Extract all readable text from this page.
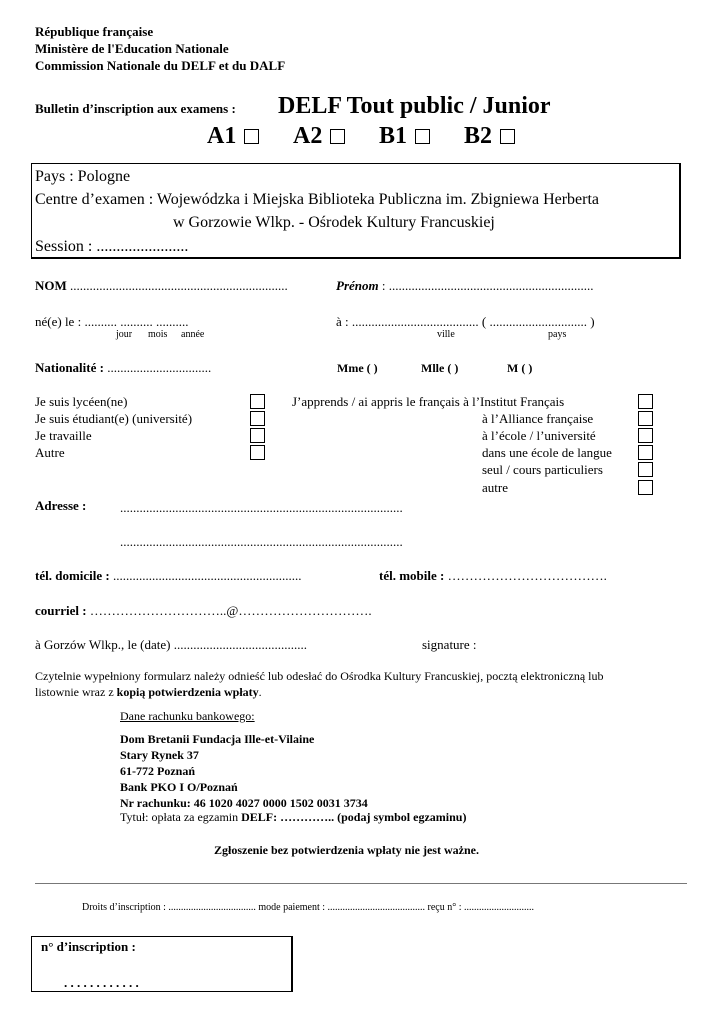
République française
Ministère de l'Education Nationale
Commission Nationale du DELF et du DALF
Bulletin d’inscription aux examens : DELF Tout public / Junior
A1	A2	B1	B2
Pays : Pologne
Centre d’examen : Wojewódzka i Miejska Biblioteka Publiczna im. Zbigniewa Herberta
w Gorzowie Wlkp. - Ośrodek Kultury Francuskiej
Session : .......................
NOM ...................................................................	Prénom : ...............................................................
né(e) le : .......... .......... ..........
jour mois année
à : ....................................... ( .............................. )
ville	pays
Nationalité : ................................	Mme ( )	Mlle ( )	M ( )
Je suis lycéen(ne)
Je suis étudiant(e) (université)
Je travaille
Autre
J’apprends / ai appris le français à l’Institut Français
à l’Alliance française
à l’école / l’université
dans une école de langue
seul / cours particuliers
autre
Adresse :	.......................................................................................
.......................................................................................
tél. domicile : ..........................................................	tél. mobile : ……………………………….
courriel : …………………………..@………………………….
à Gorzów Wlkp., le (date) .........................................	signature :
Czytelnie wypełniony formularz należy odnieść lub odesłać do Ośrodka Kultury Francuskiej, pocztą elektroniczną lub
listownie wraz z kopią potwierdzenia wpłaty.
Dane rachunku bankowego:
Dom Bretanii Fundacja Ille-et-Vilaine
Stary Rynek 37
61-772 Poznań
Bank PKO I O/Poznań
Nr rachunku: 46 1020 4027 0000 1502 0031 3734
Tytuł: opłata za egzamin DELF: ………….. (podaj symbol egzaminu)
Zgłoszenie bez potwierdzenia wpłaty nie jest ważne.
Droits d’inscription : ................................... mode paiement : ....................................... reçu n° : ............................
n° d’inscription :
. . . . . . . . . . . .
